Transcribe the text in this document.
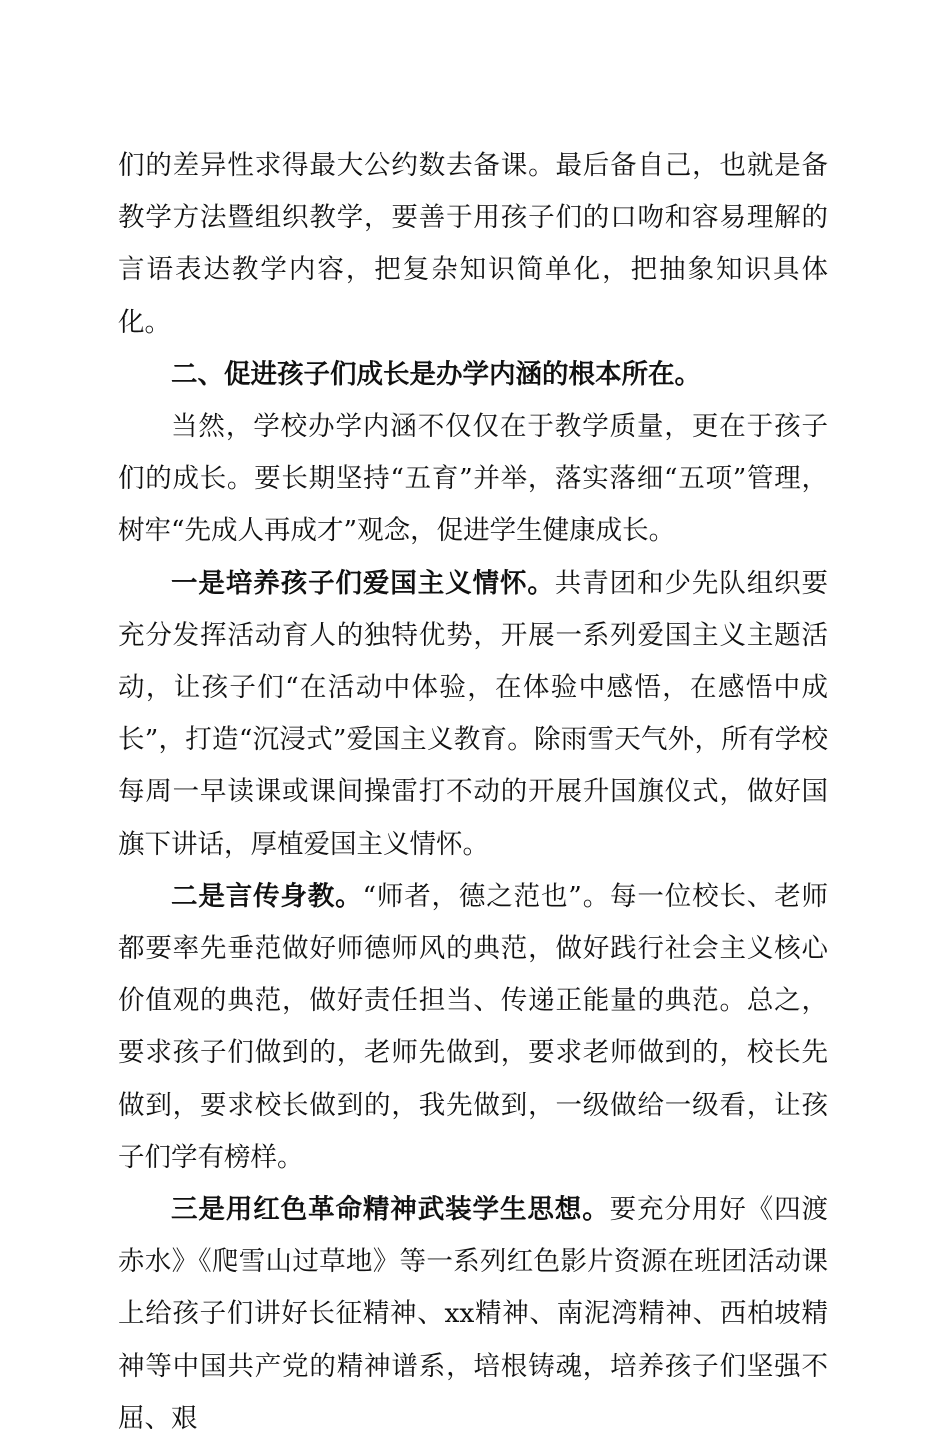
们的差异性求得最大公约数去备课。最后备自己，也就是备教学方法暨组织教学，要善于用孩子们的口吻和容易理解的言语表达教学内容，把复杂知识简单化，把抽象知识具体化。

二、促进孩子们成长是办学内涵的根本所在。

当然，学校办学内涵不仅仅在于教学质量，更在于孩子们的成长。要长期坚持“五育”并举，落实落细“五项”管理，树牢“先成人再成才”观念，促进学生健康成长。

一是培养孩子们爱国主义情怀。共青团和少先队组织要充分发挥活动育人的独特优势，开展一系列爱国主义主题活动，让孩子们“在活动中体验，在体验中感悟，在感悟中成长”，打造“沉浸式”爱国主义教育。除雨雪天气外，所有学校每周一早读课或课间操雷打不动的开展升国旗仪式，做好国旗下讲话，厚植爱国主义情怀。

二是言传身教。“师者，德之范也”。每一位校长、老师都要率先垂范做好师德师风的典范，做好践行社会主义核心价值观的典范，做好责任担当、传递正能量的典范。总之，要求孩子们做到的，老师先做到，要求老师做到的，校长先做到，要求校长做到的，我先做到，一级做给一级看，让孩子们学有榜样。

三是用红色革命精神武装学生思想。要充分用好《四渡赤水》《爬雪山过草地》等一系列红色影片资源在班团活动课上给孩子们讲好长征精神、xx精神、南泥湾精神、西柏坡精神等中国共产党的精神谱系，培根铸魂，培养孩子们坚强不屈、艰
